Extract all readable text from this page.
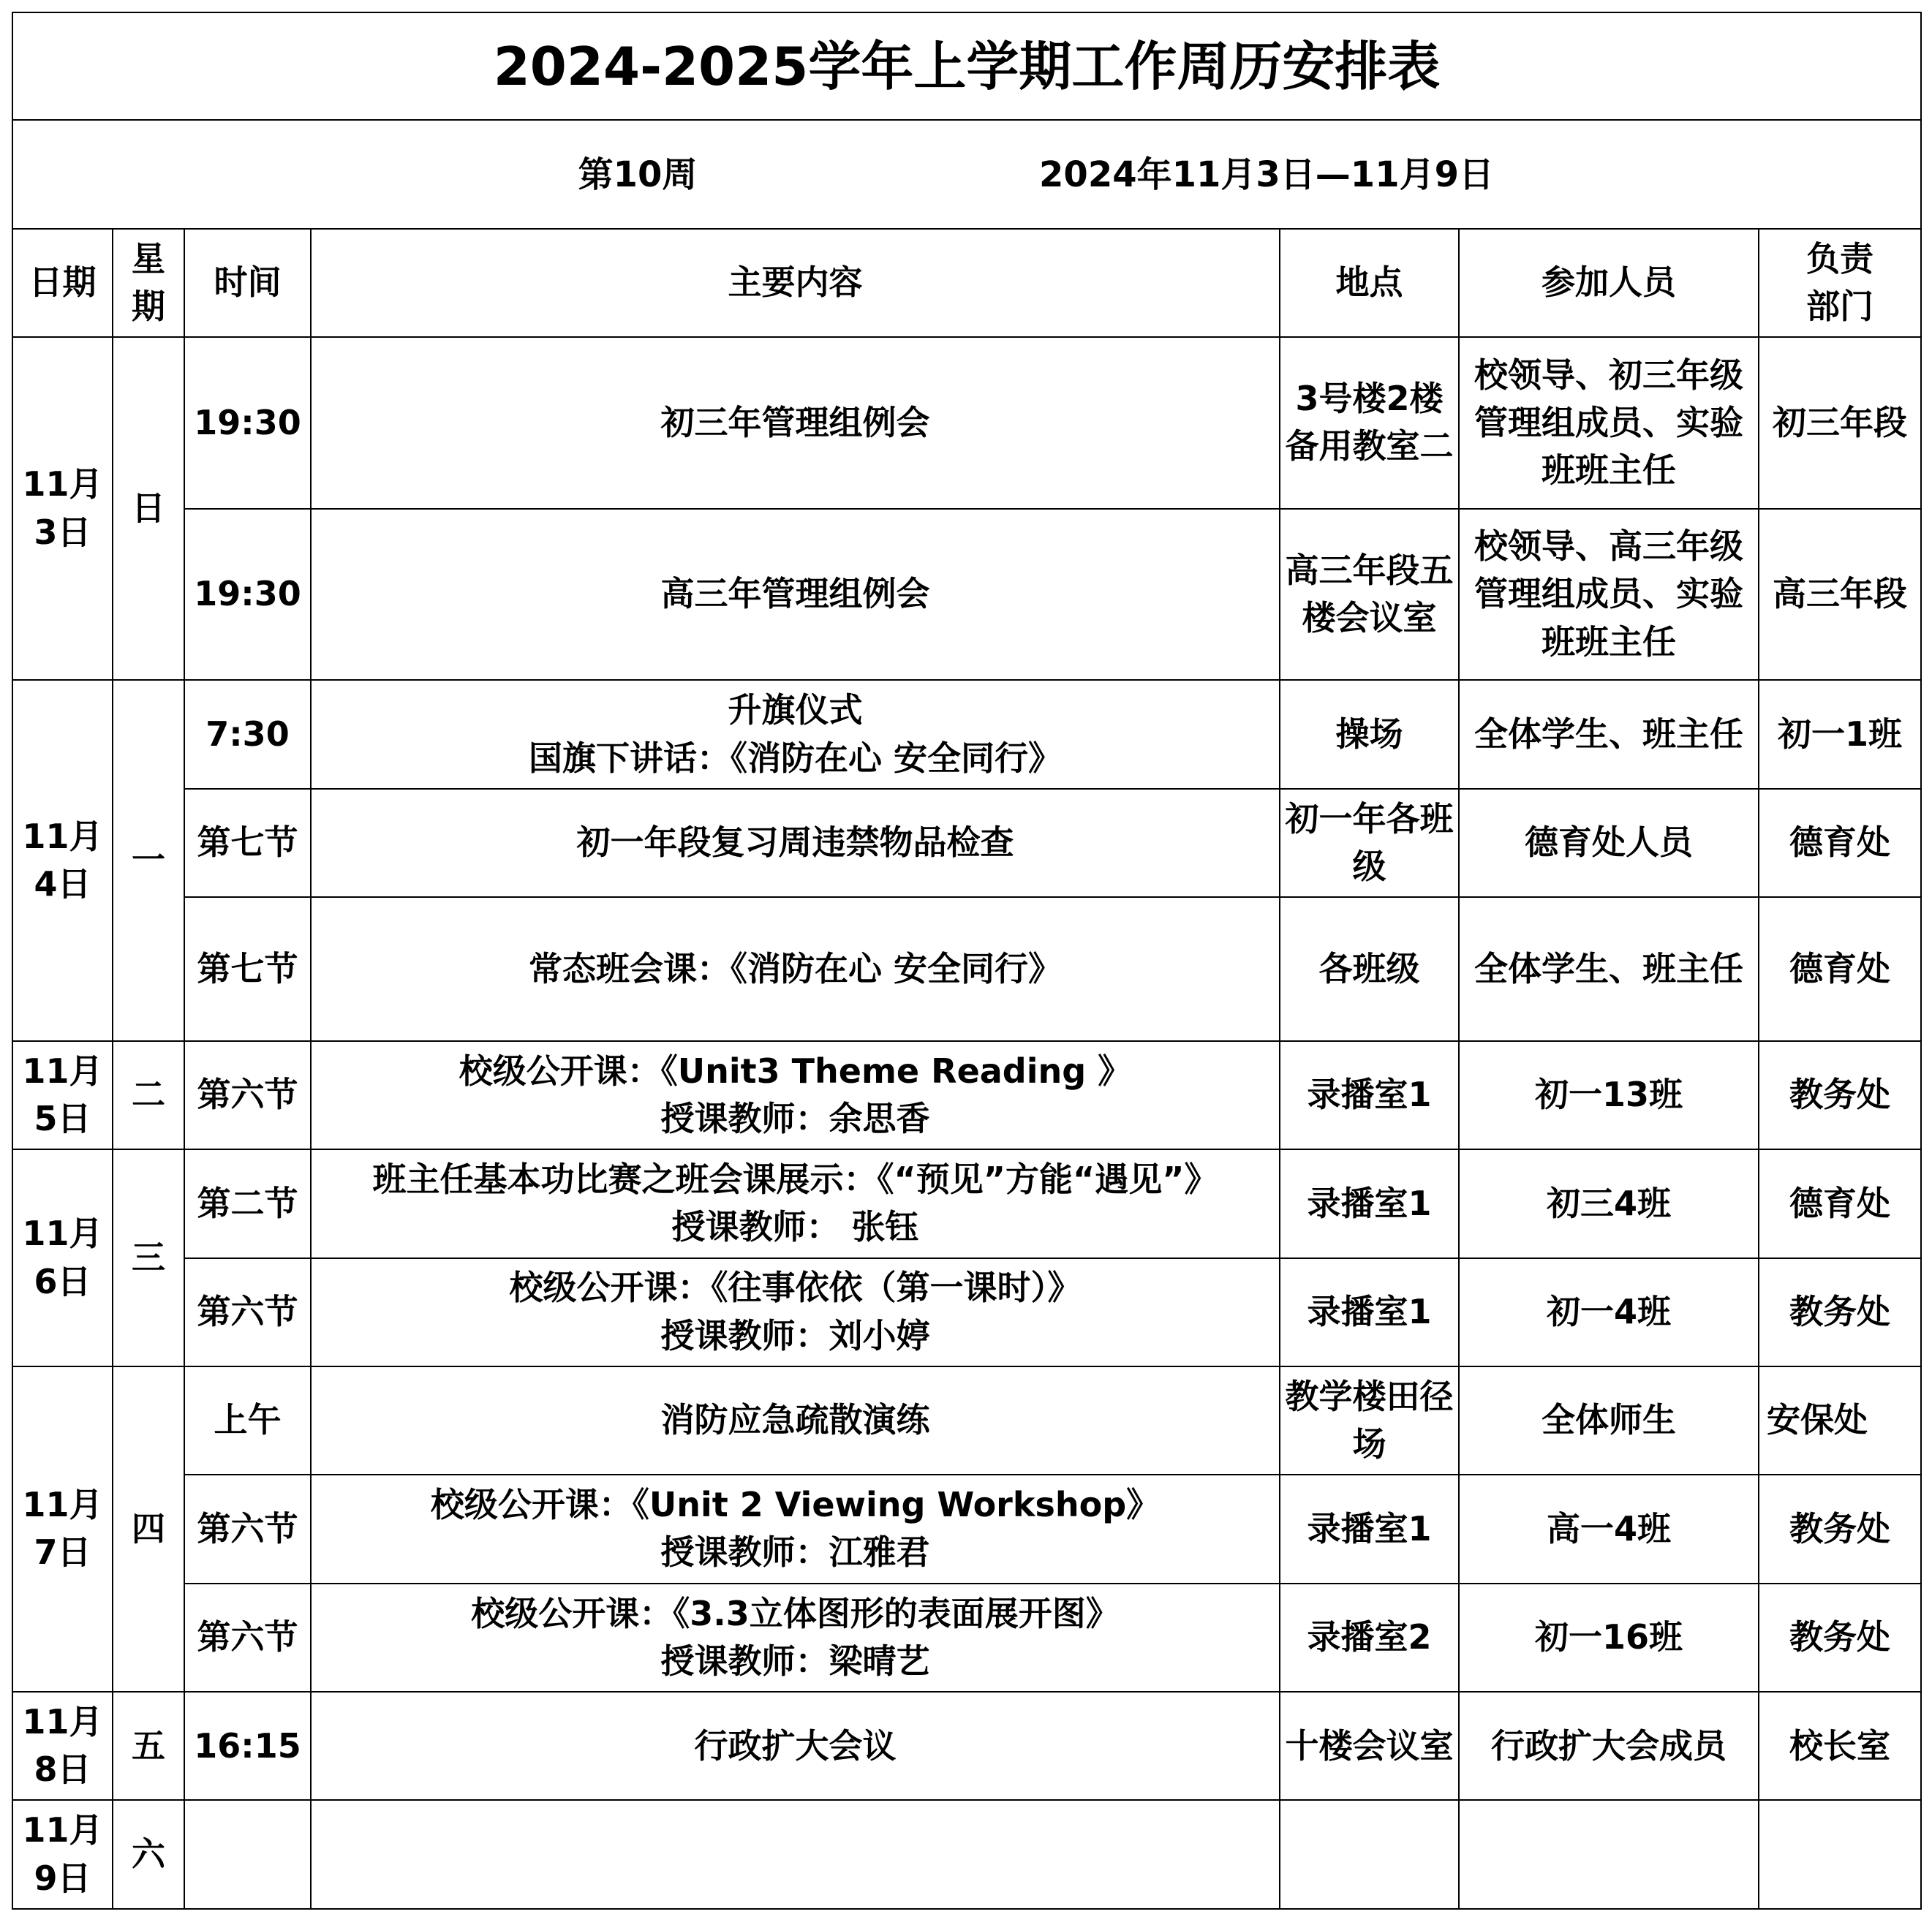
2024-2025学年上学期工作周历安排表						
第10周 2024年11月3日—11月9日						
日期	星期	时间	主要内容	地点	参加人员	负责
部门

11月3日	日	19:30	初三年管理组例会	3号楼2楼备用教室二	校领导、初三年级管理组成员、实验班班主任	初三年段
		19:30	高三年管理组例会	高三年段五楼会议室	校领导、高三年级管理组成员、实验班班主任	高三年段
11月4日	一	7:30	升旗仪式
国旗下讲话：《消防在心 安全同行》	操场	全体学生、班主任	初一1班
		第七节	初一年段复习周违禁物品检查	初一年各班级	德育处人员	德育处
		第七节	常态班会课：《消防在心 安全同行》	各班级	全体学生、班主任	德育处
11月5日	二	第六节	校级公开课：《Unit3 Theme Reading 》
授课教师：余思香	录播室1	初一13班	教务处
11月6日	三	第二节	班主任基本功比赛之班会课展示：《“预见”方能“遇见”》
授课教师： 张钰	录播室1	初三4班	德育处
		第六节	校级公开课：《往事依依（第一课时）》
授课教师：刘小婷	录播室1	初一4班	教务处
11月7日	四	上午	消防应急疏散演练	教学楼田径场	全体师生	安保处
		第六节	校级公开课：《Unit 2 Viewing Workshop》
授课教师：江雅君	录播室1	高一4班	教务处
		第六节	校级公开课：《3.3立体图形的表面展开图》
授课教师：梁晴艺	录播室2	初一16班	教务处
11月8日	五	16:15	行政扩大会议	十楼会议室	行政扩大会成员	校长室
11月9日	六		
